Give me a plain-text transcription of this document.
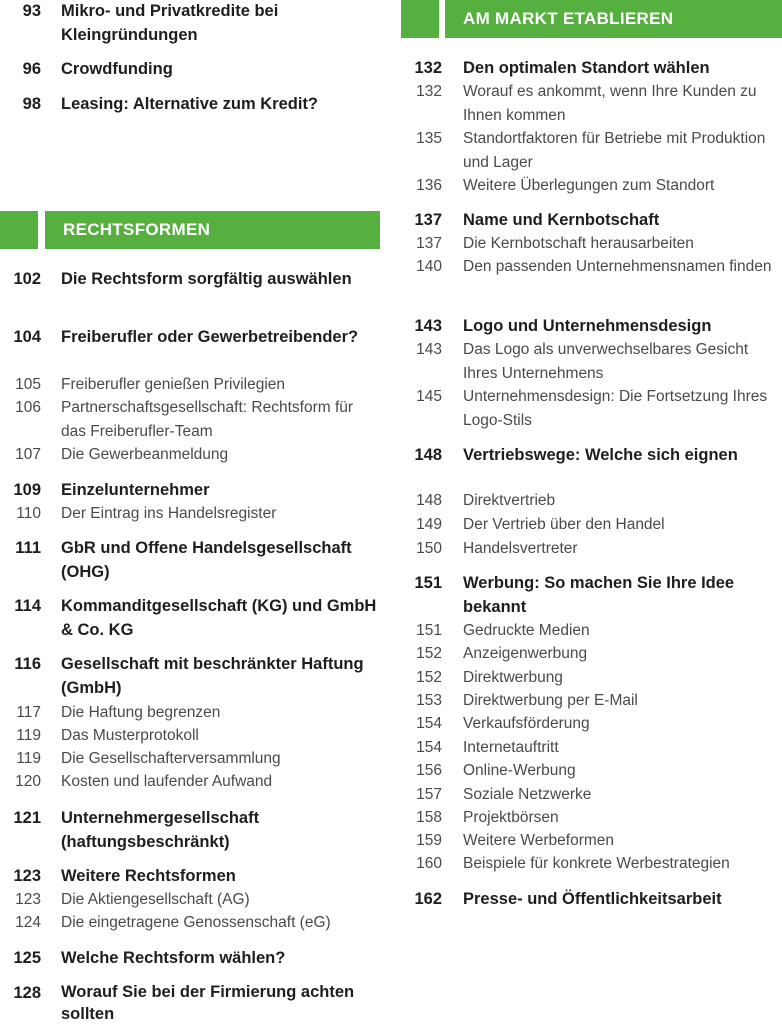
93 Mikro- und Privatkredite bei Kleingründungen
96 Crowdfunding
98 Leasing: Alternative zum Kredit?
RECHTSFORMEN
102 Die Rechtsform sorgfältig auswählen
104 Freiberufler oder Gewerbetreibender?
105 Freiberufler genießen Privilegien
106 Partnerschaftsgesellschaft: Rechtsform für das Freiberufler-Team
107 Die Gewerbeanmeldung
109 Einzelunternehmer
110 Der Eintrag ins Handelsregister
111 GbR und Offene Handelsgesellschaft (OHG)
114 Kommanditgesellschaft (KG) und GmbH & Co. KG
116 Gesellschaft mit beschränkter Haftung (GmbH)
117 Die Haftung begrenzen
119 Das Musterprotokoll
119 Die Gesellschafterversammlung
120 Kosten und laufender Aufwand
121 Unternehmergesellschaft (haftungsbeschränkt)
123 Weitere Rechtsformen
123 Die Aktiengesellschaft (AG)
124 Die eingetragene Genossenschaft (eG)
125 Welche Rechtsform wählen?
128 Worauf Sie bei der Firmierung achten sollten
AM MARKT ETABLIEREN
132 Den optimalen Standort wählen
132 Worauf es ankommt, wenn Ihre Kunden zu Ihnen kommen
135 Standortfaktoren für Betriebe mit Produktion und Lager
136 Weitere Überlegungen zum Standort
137 Name und Kernbotschaft
137 Die Kernbotschaft herausarbeiten
140 Den passenden Unternehmensnamen finden
143 Logo und Unternehmensdesign
143 Das Logo als unverwechselbares Gesicht Ihres Unternehmens
145 Unternehmensdesign: Die Fortsetzung Ihres Logo-Stils
148 Vertriebswege: Welche sich eignen
148 Direktvertrieb
149 Der Vertrieb über den Handel
150 Handelsvertreter
151 Werbung: So machen Sie Ihre Idee bekannt
151 Gedruckte Medien
152 Anzeigenwerbung
152 Direktwerbung
153 Direktwerbung per E-Mail
154 Verkaufsförderung
154 Internetauftritt
156 Online-Werbung
157 Soziale Netzwerke
158 Projektbörsen
159 Weitere Werbeformen
160 Beispiele für konkrete Werbestrategien
162 Presse- und Öffentlichkeitsarbeit
